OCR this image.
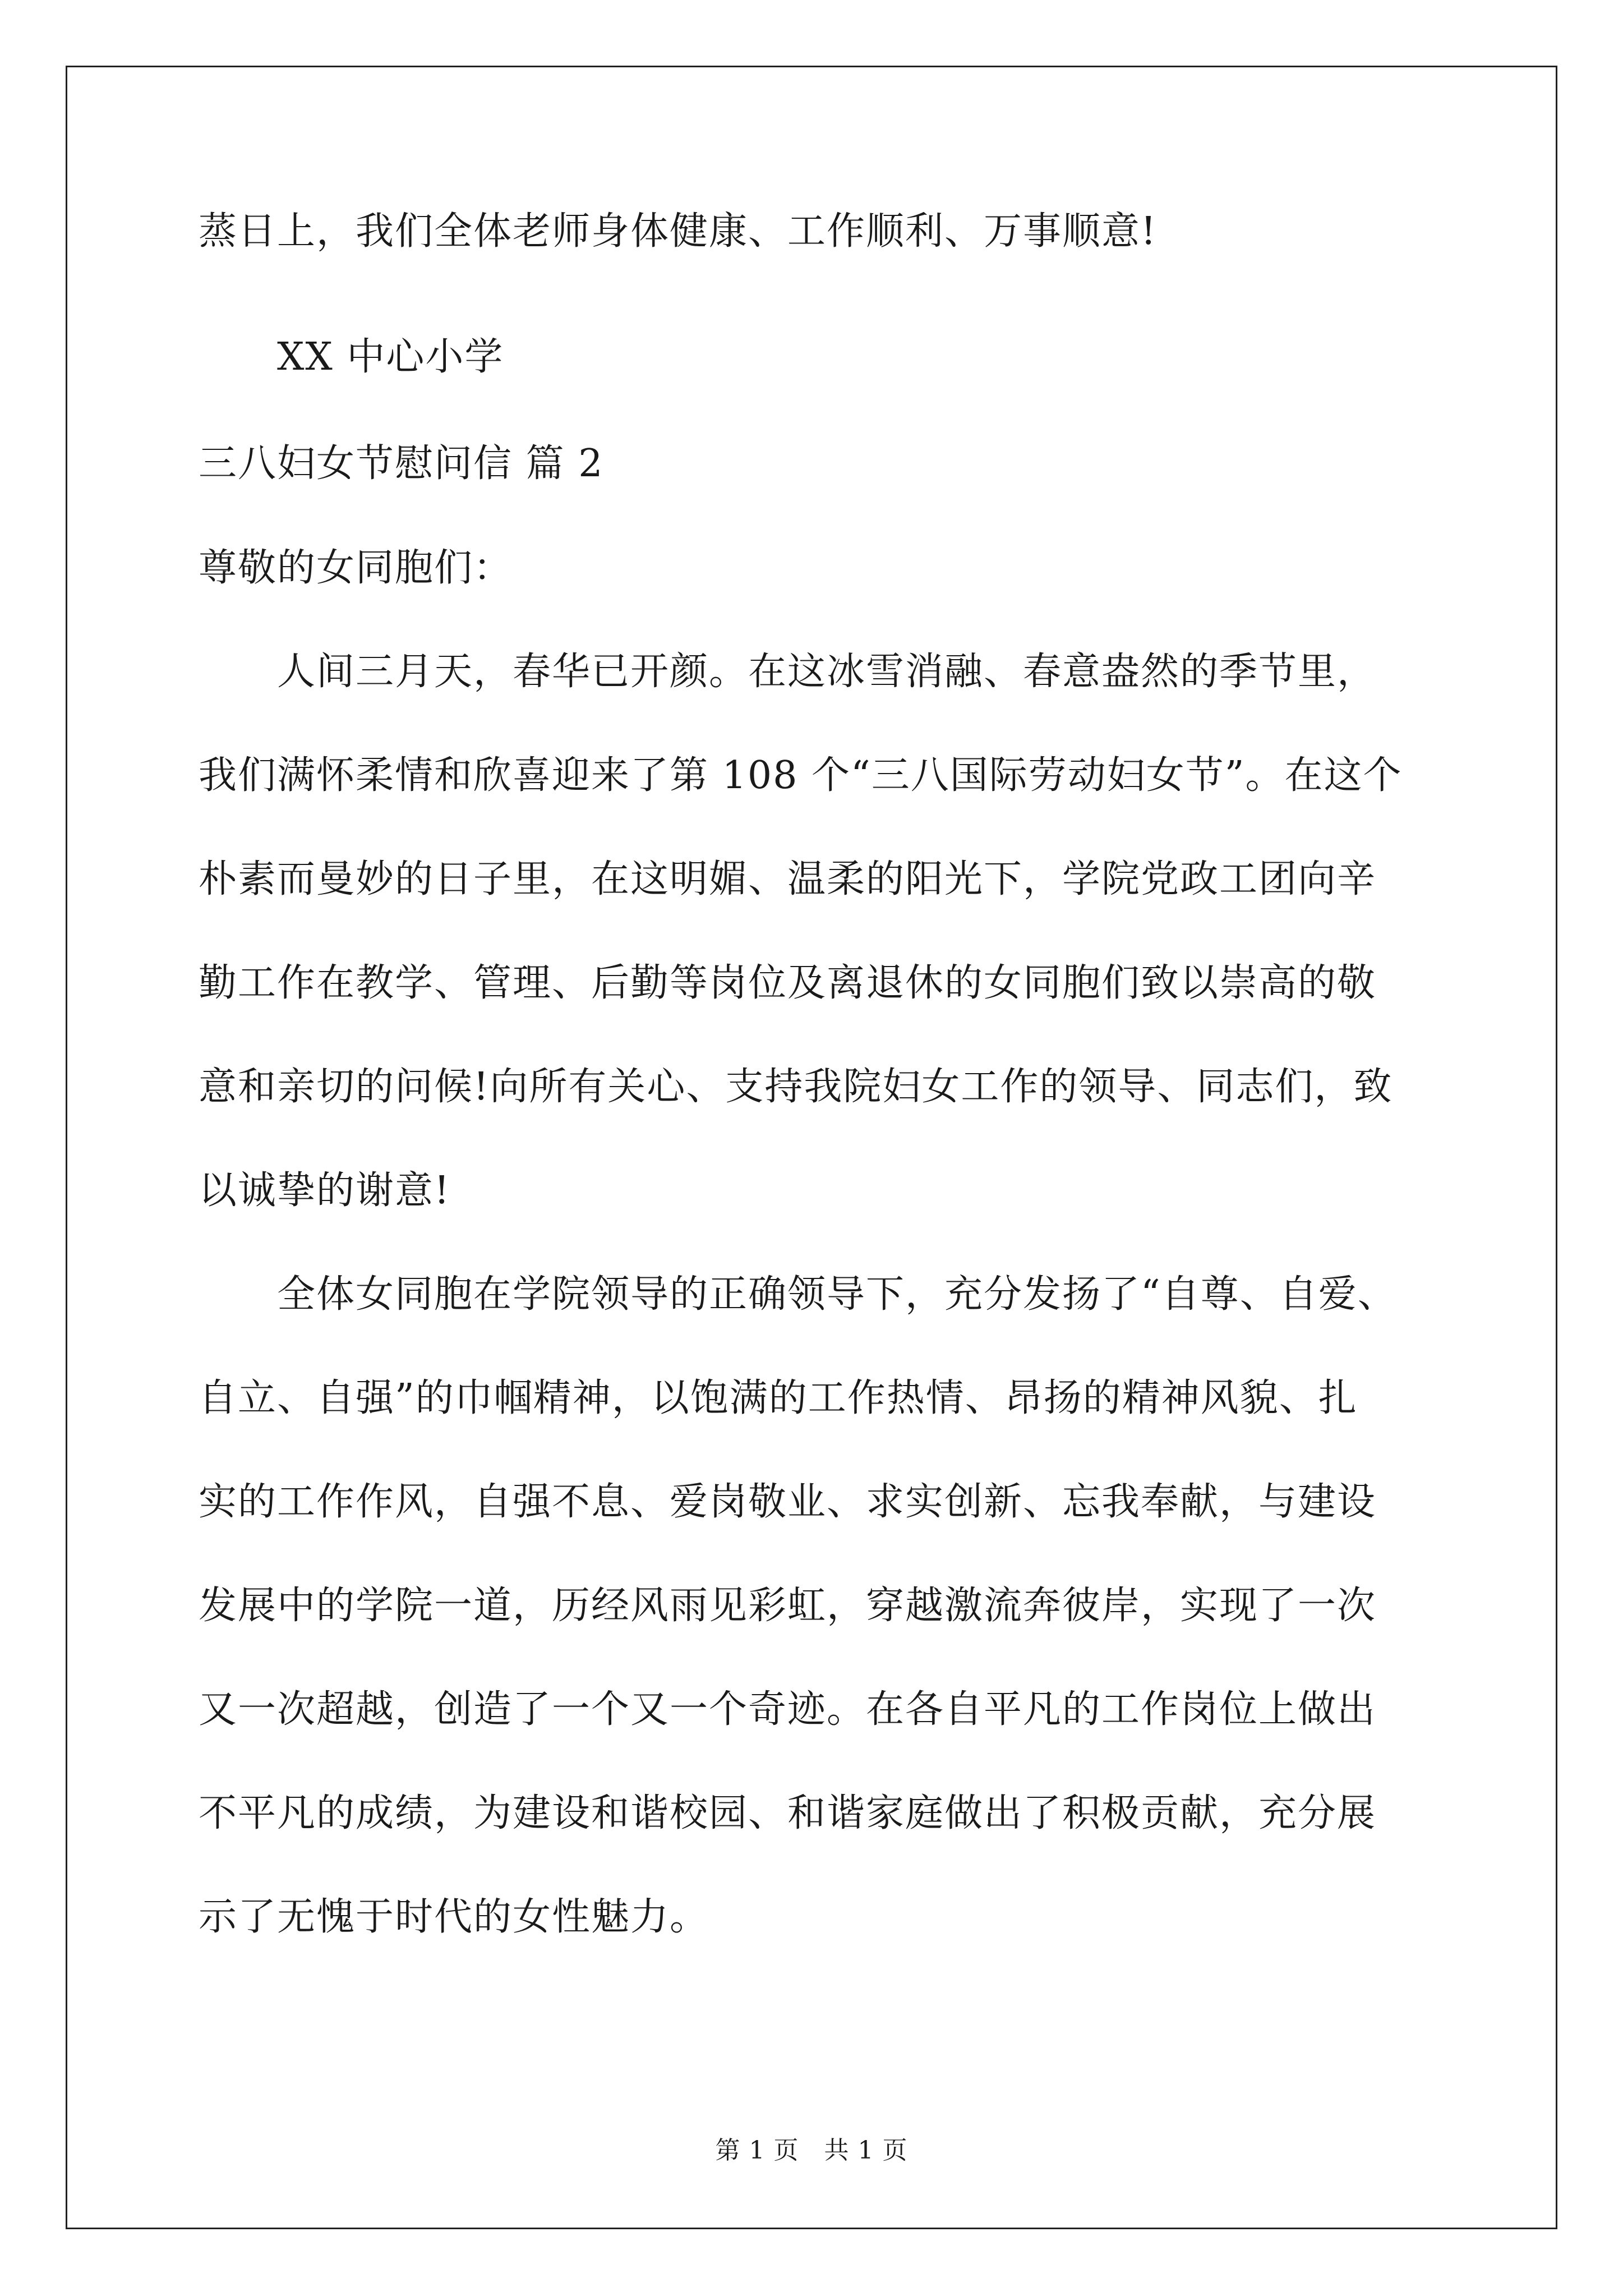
蒸日上，我们全体老师身体健康、工作顺利、万事顺意!
XX 中心小学
三八妇女节慰问信 篇 2
尊敬的女同胞们：
人间三月天，春华已开颜。在这冰雪消融、春意盎然的季节里，
我们满怀柔情和欣喜迎来了第 108 个“三八国际劳动妇女节”。在这个
朴素而曼妙的日子里，在这明媚、温柔的阳光下，学院党政工团向辛
勤工作在教学、管理、后勤等岗位及离退休的女同胞们致以崇高的敬
意和亲切的问候!向所有关心、支持我院妇女工作的领导、同志们，致
以诚挚的谢意!
全体女同胞在学院领导的正确领导下，充分发扬了“自尊、自爱、
自立、自强”的巾帼精神，以饱满的工作热情、昂扬的精神风貌、扎
实的工作作风，自强不息、爱岗敬业、求实创新、忘我奉献，与建设
发展中的学院一道，历经风雨见彩虹，穿越激流奔彼岸，实现了一次
又一次超越，创造了一个又一个奇迹。在各自平凡的工作岗位上做出
不平凡的成绩，为建设和谐校园、和谐家庭做出了积极贡献，充分展
示了无愧于时代的女性魅力。
第 1 页　共 1 页
